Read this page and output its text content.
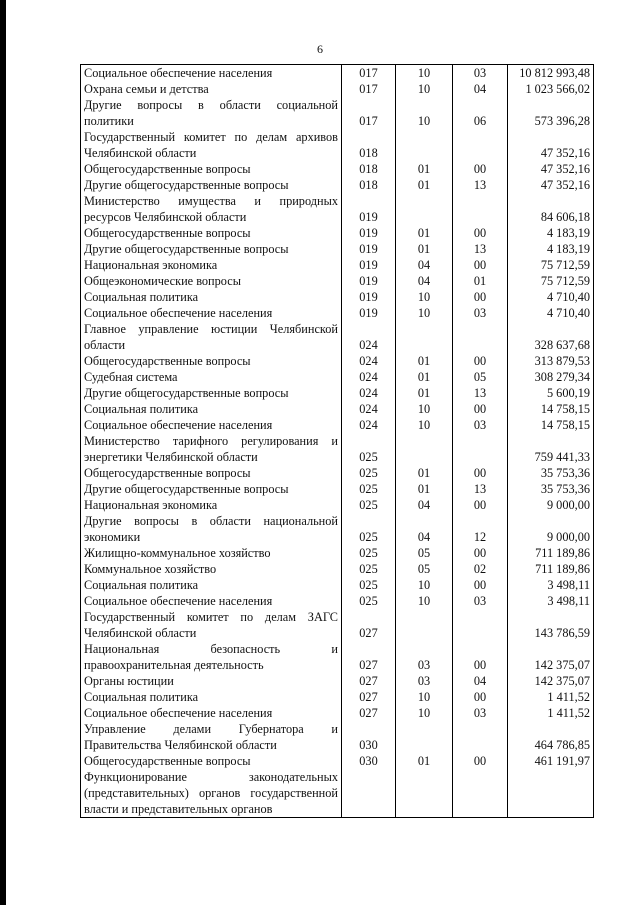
6
Социальное обеспечение населения	017	10	03	10 812 993,48
Охрана семьи и детства	017	10	04	1 023 566,02
Другие вопросы в области социальной политики	017	10	06	573 396,28
Государственный комитет по делам архивов Челябинской области	018			47 352,16
Общегосударственные вопросы	018	01	00	47 352,16
Другие общегосударственные вопросы	018	01	13	47 352,16
Министерство имущества и природных ресурсов Челябинской области	019			84 606,18
Общегосударственные вопросы	019	01	00	4 183,19
Другие общегосударственные вопросы	019	01	13	4 183,19
Национальная экономика	019	04	00	75 712,59
Общеэкономические вопросы	019	04	01	75 712,59
Социальная политика	019	10	00	4 710,40
Социальное обеспечение населения	019	10	03	4 710,40
Главное управление юстиции Челябинской области	024			328 637,68
Общегосударственные вопросы	024	01	00	313 879,53
Судебная система	024	01	05	308 279,34
Другие общегосударственные вопросы	024	01	13	5 600,19
Социальная политика	024	10	00	14 758,15
Социальное обеспечение населения	024	10	03	14 758,15
Министерство тарифного регулирования и энергетики Челябинской области	025			759 441,33
Общегосударственные вопросы	025	01	00	35 753,36
Другие общегосударственные вопросы	025	01	13	35 753,36
Национальная экономика	025	04	00	9 000,00
Другие вопросы в области национальной экономики	025	04	12	9 000,00
Жилищно-коммунальное хозяйство	025	05	00	711 189,86
Коммунальное хозяйство	025	05	02	711 189,86
Социальная политика	025	10	00	3 498,11
Социальное обеспечение населения	025	10	03	3 498,11
Государственный комитет по делам ЗАГС Челябинской области	027			143 786,59
Национальная безопасность и правоохранительная деятельность	027	03	00	142 375,07
Органы юстиции	027	03	04	142 375,07
Социальная политика	027	10	00	1 411,52
Социальное обеспечение населения	027	10	03	1 411,52
Управление делами Губернатора и Правительства Челябинской области	030			464 786,85
Общегосударственные вопросы	030	01	00	461 191,97
Функционирование законодательных (представительных) органов государственной власти и представительных органов				
